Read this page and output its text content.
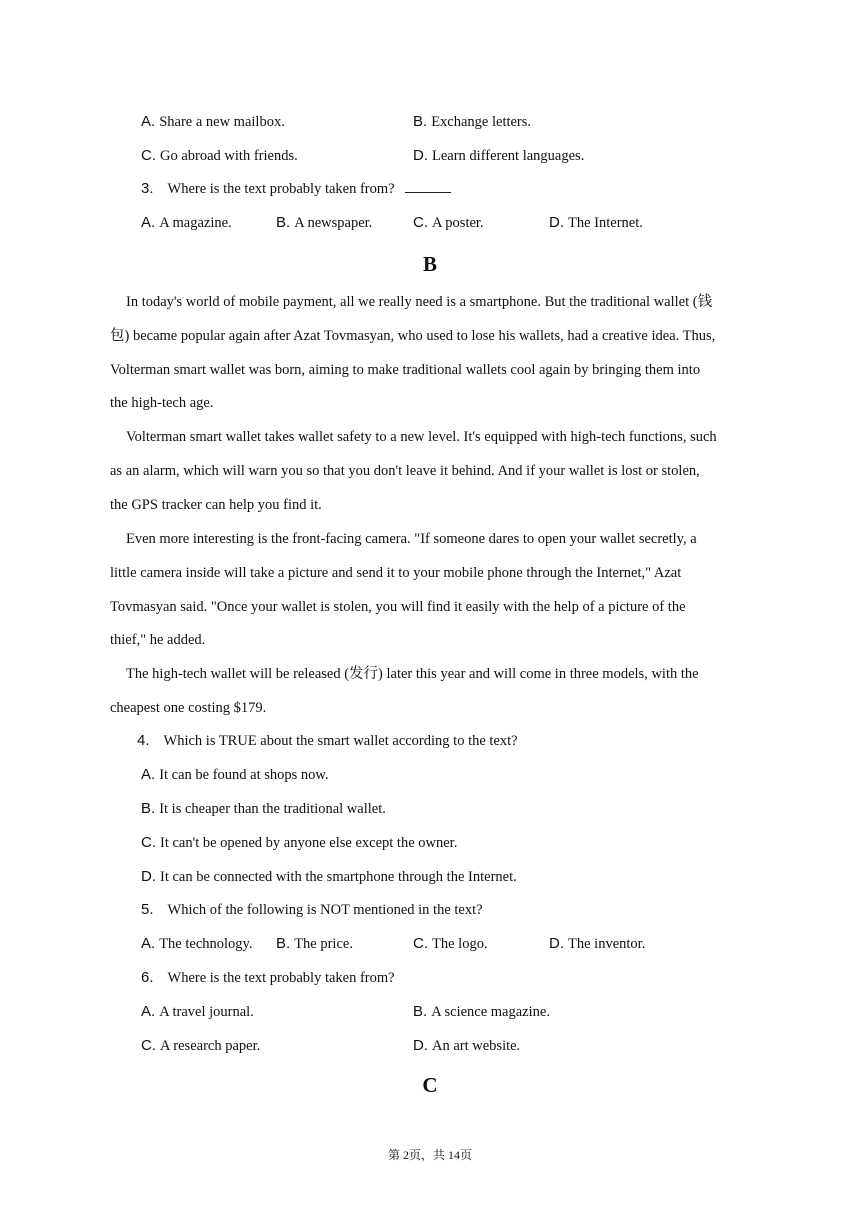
A. Share a new mailbox.	B. Exchange letters.
C. Go abroad with friends.	D. Learn different languages.
3. Where is the text probably taken from?
A. A magazine.	B. A newspaper.	C. A poster.	D. The Internet.
B
In today's world of mobile payment, all we really need is a smartphone. But the traditional wallet (钱
包) became popular again after Azat Tovmasyan, who used to lose his wallets, had a creative idea. Thus,
Volterman smart wallet was born, aiming to make traditional wallets cool again by bringing them into
the high-tech age.
Volterman smart wallet takes wallet safety to a new level. It's equipped with high-tech functions, such
as an alarm, which will warn you so that you don't leave it behind. And if your wallet is lost or stolen,
the GPS tracker can help you find it.
Even more interesting is the front-facing camera. "If someone dares to open your wallet secretly, a
little camera inside will take a picture and send it to your mobile phone through the Internet," Azat
Tovmasyan said. "Once your wallet is stolen, you will find it easily with the help of a picture of the
thief," he added.
The high-tech wallet will be released (发行) later this year and will come in three models, with the
cheapest one costing $179.
4. Which is TRUE about the smart wallet according to the text?
A. It can be found at shops now.
B. It is cheaper than the traditional wallet.
C. It can't be opened by anyone else except the owner.
D. It can be connected with the smartphone through the Internet.
5. Which of the following is NOT mentioned in the text?
A. The technology. B. The price.	C. The logo.	D. The inventor.
6. Where is the text probably taken from?
A. A travel journal.	B. A science magazine.
C. A research paper.	D. An art website.
C
第 2页，共 14页
